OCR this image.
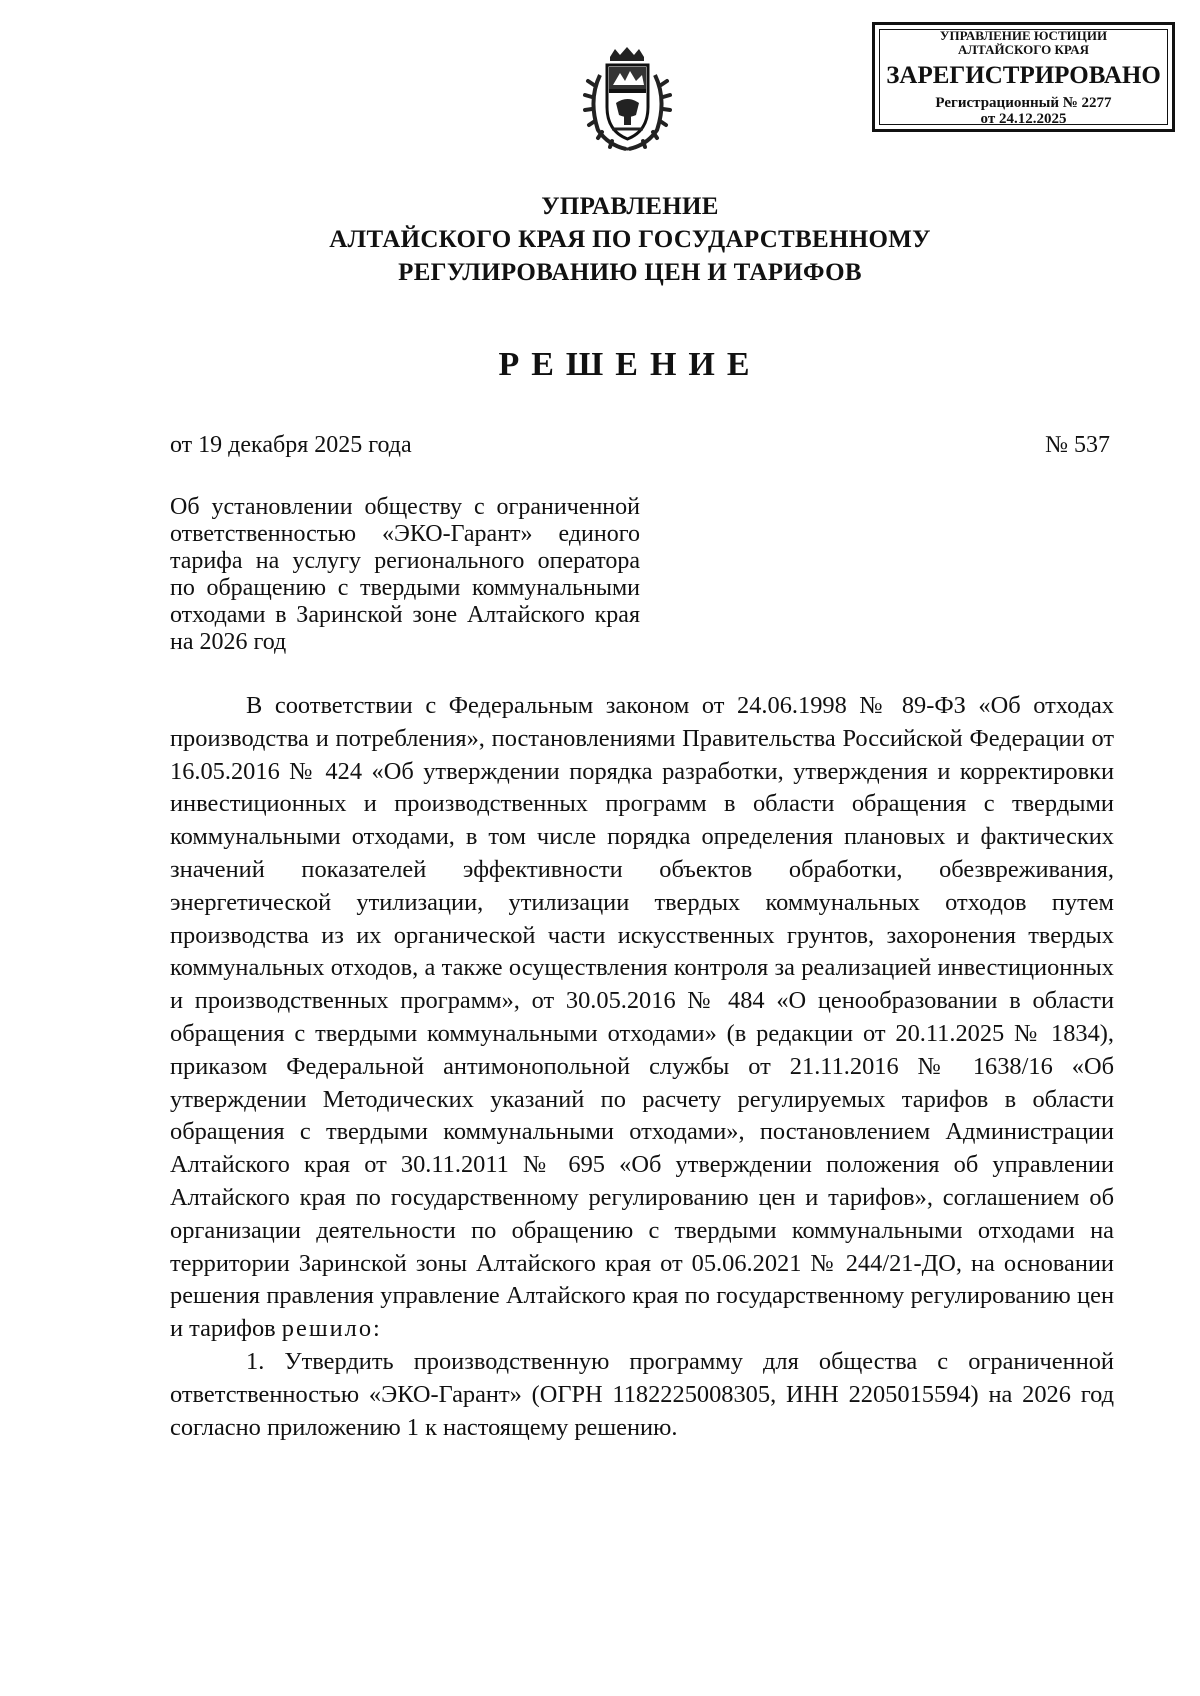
УПРАВЛЕНИЕ ЮСТИЦИИ
АЛТАЙСКОГО КРАЯ
ЗАРЕГИСТРИРОВАНО
Регистрационный № 2277
от 24.12.2025
УПРАВЛЕНИЕ
АЛТАЙСКОГО КРАЯ ПО ГОСУДАРСТВЕННОМУ
РЕГУЛИРОВАНИЮ ЦЕН И ТАРИФОВ
РЕШЕНИЕ
от 19 декабря 2025 года	№ 537
Об установлении обществу с ограниченной ответственностью «ЭКО-Гарант» единого тарифа на услугу регионального оператора по обращению с твердыми коммунальными отходами в Заринской зоне Алтайского края на 2026 год

В соответствии с Федеральным законом от 24.06.1998 № 89-ФЗ «Об отходах производства и потребления», постановлениями Правительства Российской Федерации от 16.05.2016 № 424 «Об утверждении порядка разработки, утверждения и корректировки инвестиционных и производственных программ в области обращения с твердыми коммунальными отходами, в том числе порядка определения плановых и фактических значений показателей эффективности объектов обработки, обезвреживания, энергетической утилизации, утилизации твердых коммунальных отходов путем производства из их органической части искусственных грунтов, захоронения твердых коммунальных отходов, а также осуществления контроля за реализацией инвестиционных и производственных программ», от 30.05.2016 № 484 «О ценообразовании в области обращения с твердыми коммунальными отходами» (в редакции от 20.11.2025 № 1834), приказом Федеральной антимонопольной службы от 21.11.2016 № 1638/16 «Об утверждении Методических указаний по расчету регулируемых тарифов в области обращения с твердыми коммунальными отходами», постановлением Администрации Алтайского края от 30.11.2011 № 695 «Об утверждении положения об управлении Алтайского края по государственному регулированию цен и тарифов», соглашением об организации деятельности по обращению с твердыми коммунальными отходами на территории Заринской зоны Алтайского края от 05.06.2021 № 244/21-ДО, на основании решения правления управление Алтайского края по государственному регулированию цен и тарифов решило:

1. Утвердить производственную программу для общества с ограниченной ответственностью «ЭКО-Гарант» (ОГРН 1182225008305, ИНН 2205015594) на 2026 год согласно приложению 1 к настоящему решению.
